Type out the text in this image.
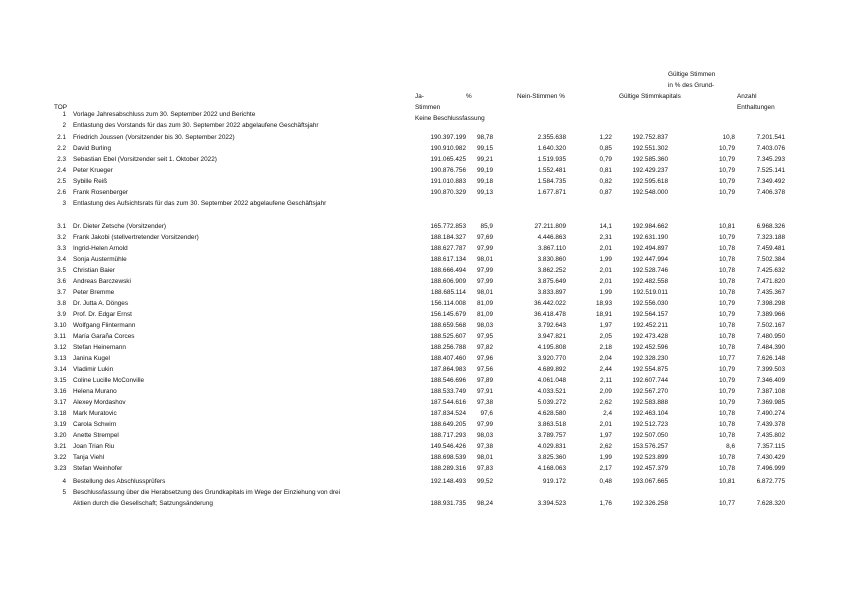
Gültige Stimmen
in % des Grund-
Ja-	%	Nein-Stimmen %	Gültige Stimmkapitals	Anzahl
TOP	Stimmen	Enthaltungen
Keine Beschlussfassung
1 Vorlage Jahresabschluss zum 30. September 2022 und Berichte
2 Entlastung des Vorstands für das zum 30. September 2022 abgelaufene Geschäftsjahr
2.1 Friedrich Joussen (Vorsitzender bis 30. September 2022)	190.397.199	98,78	2.355.638	1,22	192.752.837	10,8	7.201.541
2.2 David Burling	190.910.982	99,15	1.640.320	0,85	192.551.302	10,79	7.403.076
2.3 Sebastian Ebel (Vorsitzender seit 1. Oktober 2022)	191.065.425	99,21	1.519.935	0,79	192.585.360	10,79	7.345.293
2.4 Peter Krueger	190.876.756	99,19	1.552.481	0,81	192.429.237	10,79	7.525.141
2.5 Sybille Reiß	191.010.883	99,18	1.584.735	0,82	192.595.618	10,79	7.349.492
2.6 Frank Rosenberger	190.870.329	99,13	1.677.871	0,87	192.548.000	10,79	7.406.378
3 Entlastung des Aufsichtsrats für das zum 30. September 2022 abgelaufene Geschäftsjahr
3.1 Dr. Dieter Zetsche (Vorsitzender)	165.772.853	85,9	27.211.809	14,1	192.984.662	10,81	6.968.326
3.2 Frank Jakobi (stellvertretender Vorsitzender)	188.184.327	97,69	4.446.863	2,31	192.631.190	10,79	7.323.188
3.3 Ingrid-Helen Arnold	188.627.787	97,99	3.867.110	2,01	192.494.897	10,78	7.459.481
3.4 Sonja Austermühle	188.617.134	98,01	3.830.860	1,99	192.447.994	10,78	7.502.384
3.5 Christian Baier	188.666.494	97,99	3.862.252	2,01	192.528.746	10,78	7.425.632
3.6 Andreas Barczewski	188.606.909	97,99	3.875.649	2,01	192.482.558	10,78	7.471.820
3.7 Peter Bremme	188.685.114	98,01	3.833.897	1,99	192.519.011	10,78	7.435.367
3.8 Dr. Jutta A. Dönges	156.114.008	81,09	36.442.022	18,93	192.556.030	10,79	7.398.298
3.9 Prof. Dr. Edgar Ernst	156.145.679	81,09	36.418.478	18,91	192.564.157	10,79	7.389.966
3.10 Wolfgang Flintermann	188.659.568	98,03	3.792.643	1,97	192.452.211	10,78	7.502.167
3.11 María Garaña Corces	188.525.607	97,95	3.947.821	2,05	192.473.428	10,78	7.480.950
3.12 Stefan Heinemann	188.256.788	97,82	4.195.808	2,18	192.452.596	10,78	7.484.390
3.13 Janina Kugel	188.407.460	97,96	3.920.770	2,04	192.328.230	10,77	7.626.148
3.14 Vladimir Lukin	187.864.983	97,56	4.689.892	2,44	192.554.875	10,79	7.399.503
3.15 Coline Lucille McConville	188.546.696	97,89	4.061.048	2,11	192.607.744	10,79	7.346.409
3.16 Helena Murano	188.533.749	97,91	4.033.521	2,09	192.567.270	10,79	7.387.108
3.17 Alexey Mordashov	187.544.616	97,38	5.039.272	2,62	192.583.888	10,79	7.369.985
3.18 Mark Muratovic	187.834.524	97,6	4.628.580	2,4	192.463.104	10,78	7.490.274
3.19 Carola Schwirn	188.649.205	97,99	3.863.518	2,01	192.512.723	10,78	7.439.378
3.20 Anette Strempel	188.717.293	98,03	3.789.757	1,97	192.507.050	10,78	7.435.802
3.21 Joan Trian Riu	149.546.426	97,38	4.029.831	2,62	153.576.257	8,6	7.357.115
3.22 Tanja Viehl	188.698.539	98,01	3.825.360	1,99	192.523.899	10,78	7.430.429
3.23 Stefan Weinhofer	188.289.316	97,83	4.168.063	2,17	192.457.379	10,78	7.496.999
4 Bestellung des Abschlussprüfers	192.148.493	99,52	919.172	0,48	193.067.665	10,81	6.872.775
5 Beschlussfassung über die Herabsetzung des Grundkapitals im Wege der Einziehung von drei
Aktien durch die Gesellschaft; Satzungsänderung	188.931.735	98,24	3.394.523	1,76	192.326.258	10,77	7.628.320
